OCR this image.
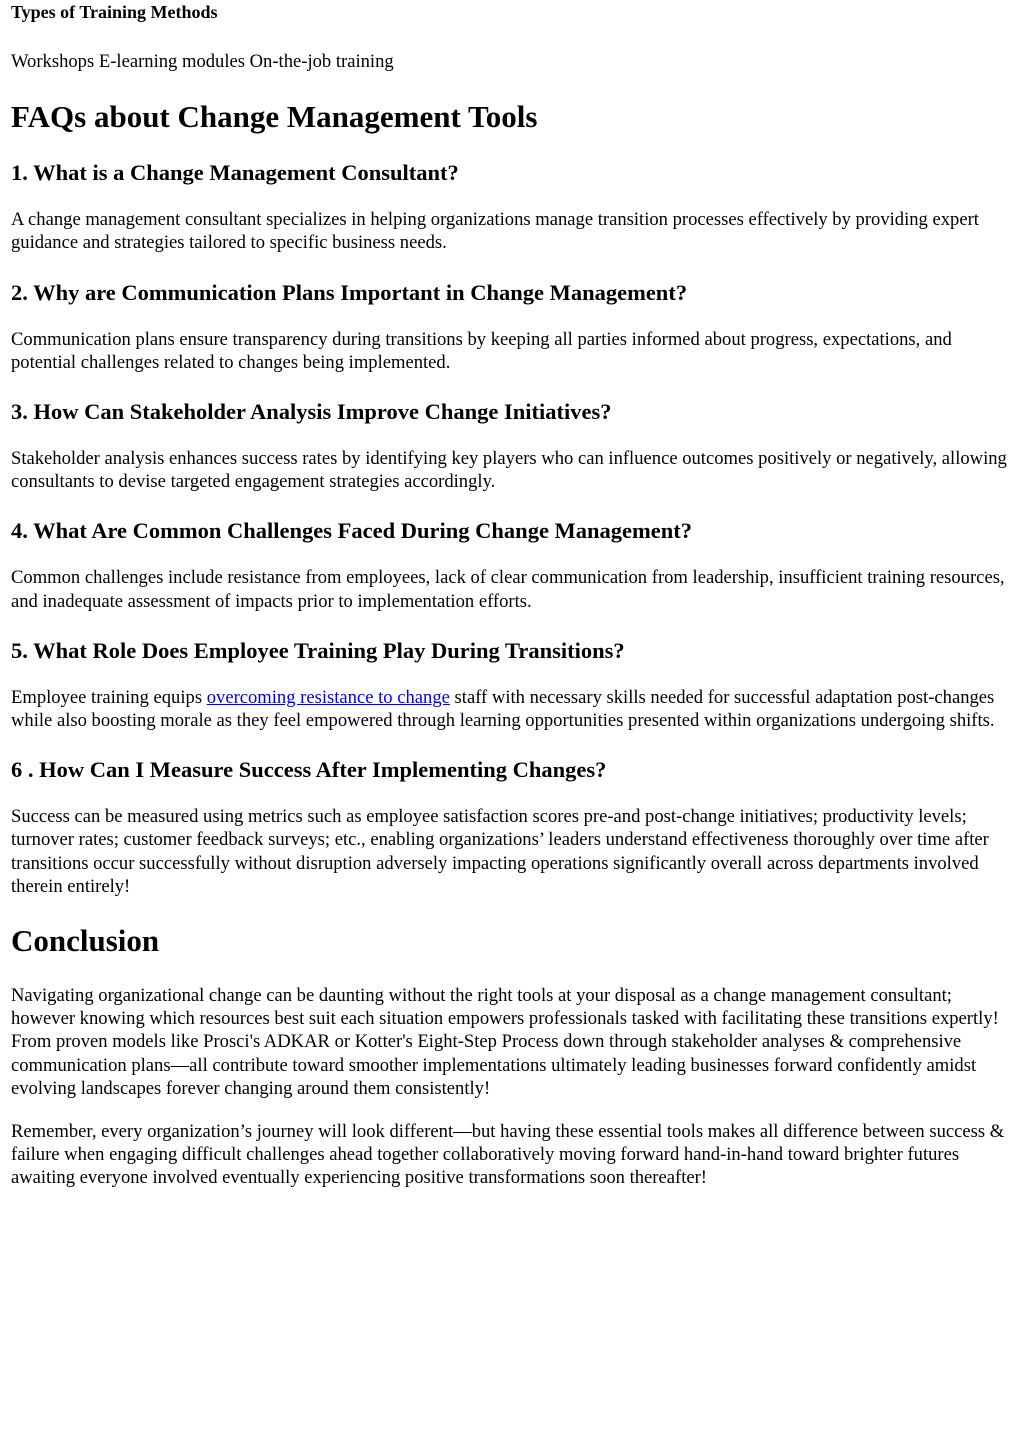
Types of Training Methods

Workshops E-learning modules On-the-job training

FAQs about Change Management Tools
1. What is a Change Management Consultant?

A change management consultant specializes in helping organizations manage transition processes effectively by providing expert guidance and strategies tailored to specific business needs.

2. Why are Communication Plans Important in Change Management?

Communication plans ensure transparency during transitions by keeping all parties informed about progress, expectations, and potential challenges related to changes being implemented.

3. How Can Stakeholder Analysis Improve Change Initiatives?

Stakeholder analysis enhances success rates by identifying key players who can influence outcomes positively or negatively, allowing consultants to devise targeted engagement strategies accordingly.

4. What Are Common Challenges Faced During Change Management?

Common challenges include resistance from employees, lack of clear communication from leadership, insufficient training resources, and inadequate assessment of impacts prior to implementation efforts.

5. What Role Does Employee Training Play During Transitions?

Employee training equips overcoming resistance to change staff with necessary skills needed for successful adaptation post-changes while also boosting morale as they feel empowered through learning opportunities presented within organizations undergoing shifts.

6 . How Can I Measure Success After Implementing Changes?

Success can be measured using metrics such as employee satisfaction scores pre-and post-change initiatives; productivity levels; turnover rates; customer feedback surveys; etc., enabling organizations’ leaders understand effectiveness thoroughly over time after transitions occur successfully without disruption adversely impacting operations significantly overall across departments involved therein entirely!

Conclusion

Navigating organizational change can be daunting without the right tools at your disposal as a change management consultant; however knowing which resources best suit each situation empowers professionals tasked with facilitating these transitions expertly! From proven models like Prosci's ADKAR or Kotter's Eight-Step Process down through stakeholder analyses & comprehensive communication plans—all contribute toward smoother implementations ultimately leading businesses forward confidently amidst evolving landscapes forever changing around them consistently!

Remember, every organization’s journey will look different—but having these essential tools makes all difference between success & failure when engaging difficult challenges ahead together collaboratively moving forward hand-in-hand toward brighter futures awaiting everyone involved eventually experiencing positive transformations soon thereafter!
